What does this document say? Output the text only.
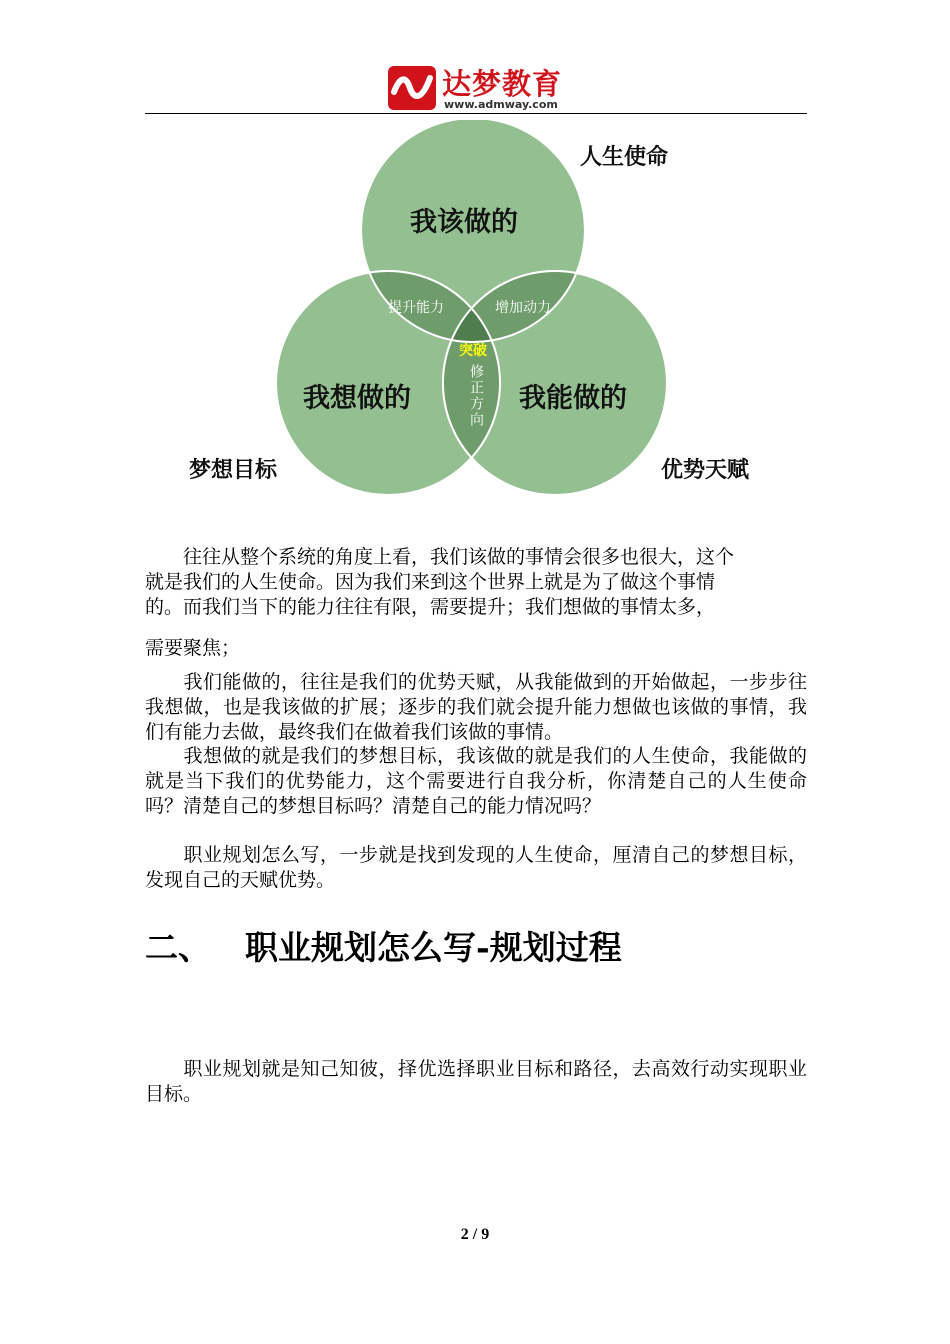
达梦教育
www.admway.com
我该做的
我想做的	我能做的
提升能力	增加动力
突破
修正方向
人生使命
梦想目标	优势天赋
往往从整个系统的角度上看，我们该做的事情会很多也很大，这个
就是我们的人生使命。因为我们来到这个世界上就是为了做这个事情
的。而我们当下的能力往往有限，需要提升；我们想做的事情太多，
需要聚焦；
我们能做的，往往是我们的优势天赋，从我能做到的开始做起，一步步往我想做，也是我该做的扩展；逐步的我们就会提升能力想做也该做的事情，我们有能力去做，最终我们在做着我们该做的事情。
我想做的就是我们的梦想目标，我该做的就是我们的人生使命，我能做的就是当下我们的优势能力，这个需要进行自我分析，你清楚自己的人生使命吗？清楚自己的梦想目标吗？清楚自己的能力情况吗？
职业规划怎么写，一步就是找到发现的人生使命，厘清自己的梦想目标，发现自己的天赋优势。
二、 职业规划怎么写-规划过程
职业规划就是知己知彼，择优选择职业目标和路径，去高效行动实现职业目标。
2 / 9
